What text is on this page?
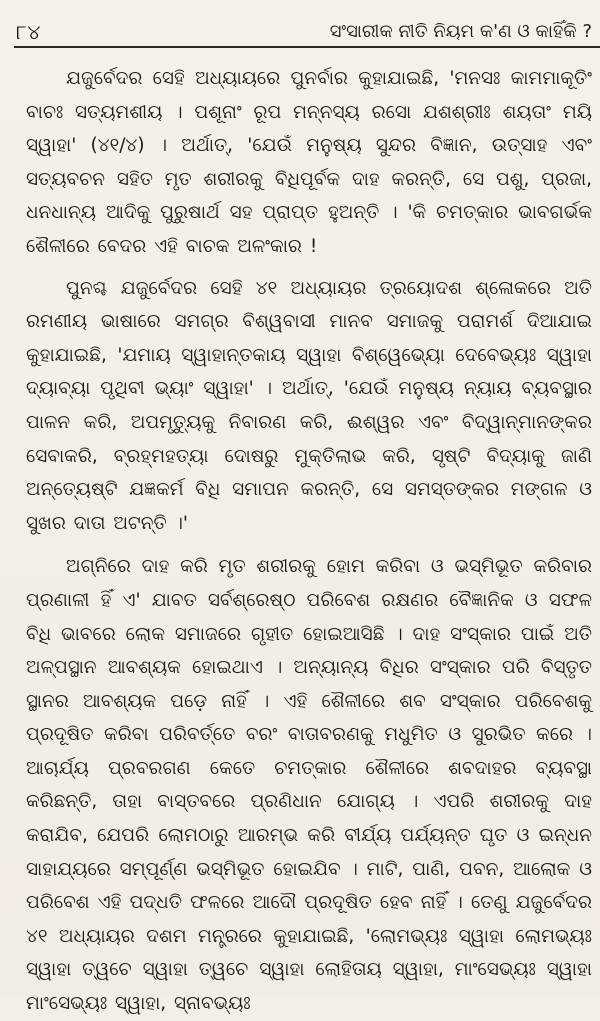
୮୪	ସଂସାରୀକ ନୀତି ନିୟମ କ'ଣ ଓ କାହିଁକି ?

ଯଜୁର୍ବେଦର ସେହି ଅଧ୍ୟାୟରେ ପୁନର୍ବାର କୁହାଯାଇଛି, 'ମନସଃ କାମମାକୂତିଂ ବାଚଃ ସତ୍ୟମଶୀୟ । ପଶୂନାଂ ରୂପ ମନ୍ନସ୍ୟ ରସୋ ଯଶଶ୍ରୀଃ ଶୟତାଂ ମୟି ସ୍ୱାହା' (୪୧/୪) । ଅର୍ଥାତ୍, 'ଯେଉଁ ମନୁଷ୍ୟ ସୁନ୍ଦର ବିଜ୍ଞାନ, ଉତ୍ସାହ ଏବଂ ସତ୍ୟବଚନ ସହିତ ମୃତ ଶରୀରକୁ ବିଧିପୂର୍ବକ ଦାହ କରନ୍ତି, ସେ ପଶୁ, ପ୍ରଜା, ଧନଧାନ୍ୟ ଆଦିକୁ ପୁରୁଷାର୍ଥ ସହ ପ୍ରାପ୍ତ ହୁଅନ୍ତି । 'କି ଚମତ୍କାର ଭାବଗର୍ଭକ ଶୈଳୀରେ ବେଦର ଏହି ବାଚକ ଅଳଂକାର !

ପୁନଶ୍ଚ ଯଜୁର୍ବେଦର ସେହି ୪୧ ଅଧ୍ୟାୟର ତ୍ରୟୋଦଶ ଶ୍ଳୋକରେ ଅତି ରମଣୀୟ ଭାଷାରେ ସମଗ୍ର ବିଶ୍ୱବାସୀ ମାନବ ସମାଜକୁ ପରାମର୍ଶ ଦିଆଯାଇ କୁହାଯାଇଛି, 'ଯମାୟ ସ୍ୱାହାନ୍ତକାୟ ସ୍ୱାହା ବିଶ୍ୱେଭ୍ୟୋ ଦେବେଭ୍ୟଃ ସ୍ୱାହା ଦ୍ୟାବ୍ୟା ପୃଥିବୀ ଭ୍ୟାଂ ସ୍ୱାହା' । ଅର୍ଥାତ୍, 'ଯେଉଁ ମନୁଷ୍ୟ ନ୍ୟାୟ ବ୍ୟବସ୍ଥାର ପାଳନ କରି, ଅପମୃତ୍ୟୁକୁ ନିବାରଣ କରି, ଈଶ୍ୱର ଏବଂ ବିଦ୍ୱାନ୍‌ମାନଙ୍କର ସେବାକରି, ବ୍ରହ୍ମହତ୍ୟା ଦୋଷରୁ ମୁକ୍ତିଲାଭ କରି, ସୃଷ୍ଟି ବିଦ୍ୟାକୁ ଜାଣି ଅନ୍ତ୍ୟେଷ୍ଟି ଯଜ୍ଞକର୍ମ ବିଧି ସମାପନ କରନ୍ତି, ସେ ସମସ୍ତଙ୍କର ମଙ୍ଗଳ ଓ ସୁଖର ଦାତା ଅଟନ୍ତି ।'

ଅଗ୍ନିରେ ଦାହ କରି ମୃତ ଶରୀରକୁ ହୋମ କରିବା ଓ ଭସ୍ମିଭୂତ କରିବାର ପ୍ରଣାଳୀ ହିଁ ଏ' ଯାବତ ସର୍ବଶ୍ରେଷ୍ଠ ପରିବେଶ ରକ୍ଷଣର ବୈଜ୍ଞାନିକ ଓ ସଫଳ ବିଧି ଭାବରେ ଲୋକ ସମାଜରେ ଗୃହୀତ ହୋଇଆସିଛି । ଦାହ ସଂସ୍କାର ପାଇଁ ଅତି ଅଳ୍ପସ୍ଥାନ ଆବଶ୍ୟକ ହୋଇଥାଏ । ଅନ୍ୟାନ୍ୟ ବିଧିର ସଂସ୍କାର ପରି ବିସ୍ତୃତ ସ୍ଥାନର ଆବଶ୍ୟକ ପଡ଼େ ନାହିଁ । ଏହି ଶୈଳୀରେ ଶବ ସଂସ୍କାର ପରିବେଶକୁ ପ୍ରଦୂଷିତ କରିବା ପରିବର୍ତ୍ତେ ବରଂ ବାତାବରଣକୁ ମଧୁମିତ ଓ ସୁରଭିତ କରେ । ଆଚାର୍ଯ୍ୟ ପ୍ରବରଗଣ କେତେ ଚମତ୍କାର ଶୈଳୀରେ ଶବଦାହର ବ୍ୟବସ୍ଥା କରିଛନ୍ତି, ତାହା ବାସ୍ତବରେ ପ୍ରଣିଧାନ ଯୋଗ୍ୟ । ଏପରି ଶରୀରକୁ ଦାହ କରାଯିବ, ଯେପରି ଲୋମଠାରୁ ଆରମ୍ଭ କରି ବୀର୍ଯ୍ୟ ପର୍ଯ୍ୟନ୍ତ ଘୃତ ଓ ଇନ୍ଧନ ସାହାଯ୍ୟରେ ସମ୍ପୂର୍ଣ୍ଣ ଭସ୍ମିଭୂତ ହୋଇଯିବ । ମାଟି, ପାଣି, ପବନ, ଆଲୋକ ଓ ପରିବେଶ ଏହି ପଦ୍ଧତି ଫଳରେ ଆଦୌ ପ୍ରଦୂଷିତ ହେବ ନାହିଁ । ତେଣୁ ଯଜୁର୍ବେଦର ୪୧ ଅଧ୍ୟାୟର ଦଶମ ମନ୍ତ୍ରରେ କୁହାଯାଇଛି, 'ଲୋମଭ୍ୟଃ ସ୍ୱାହା ଲୋମଭ୍ୟଃ ସ୍ୱାହା ତ୍ୱଚେ ସ୍ୱାହା ତ୍ୱଚେ ସ୍ୱାହା ଲୋହିତାୟ ସ୍ୱାହା, ମାଂସେଭ୍ୟଃ ସ୍ୱାହା ମାଂସେଭ୍ୟଃ ସ୍ୱାହା, ସ୍ନାବଭ୍ୟଃ
